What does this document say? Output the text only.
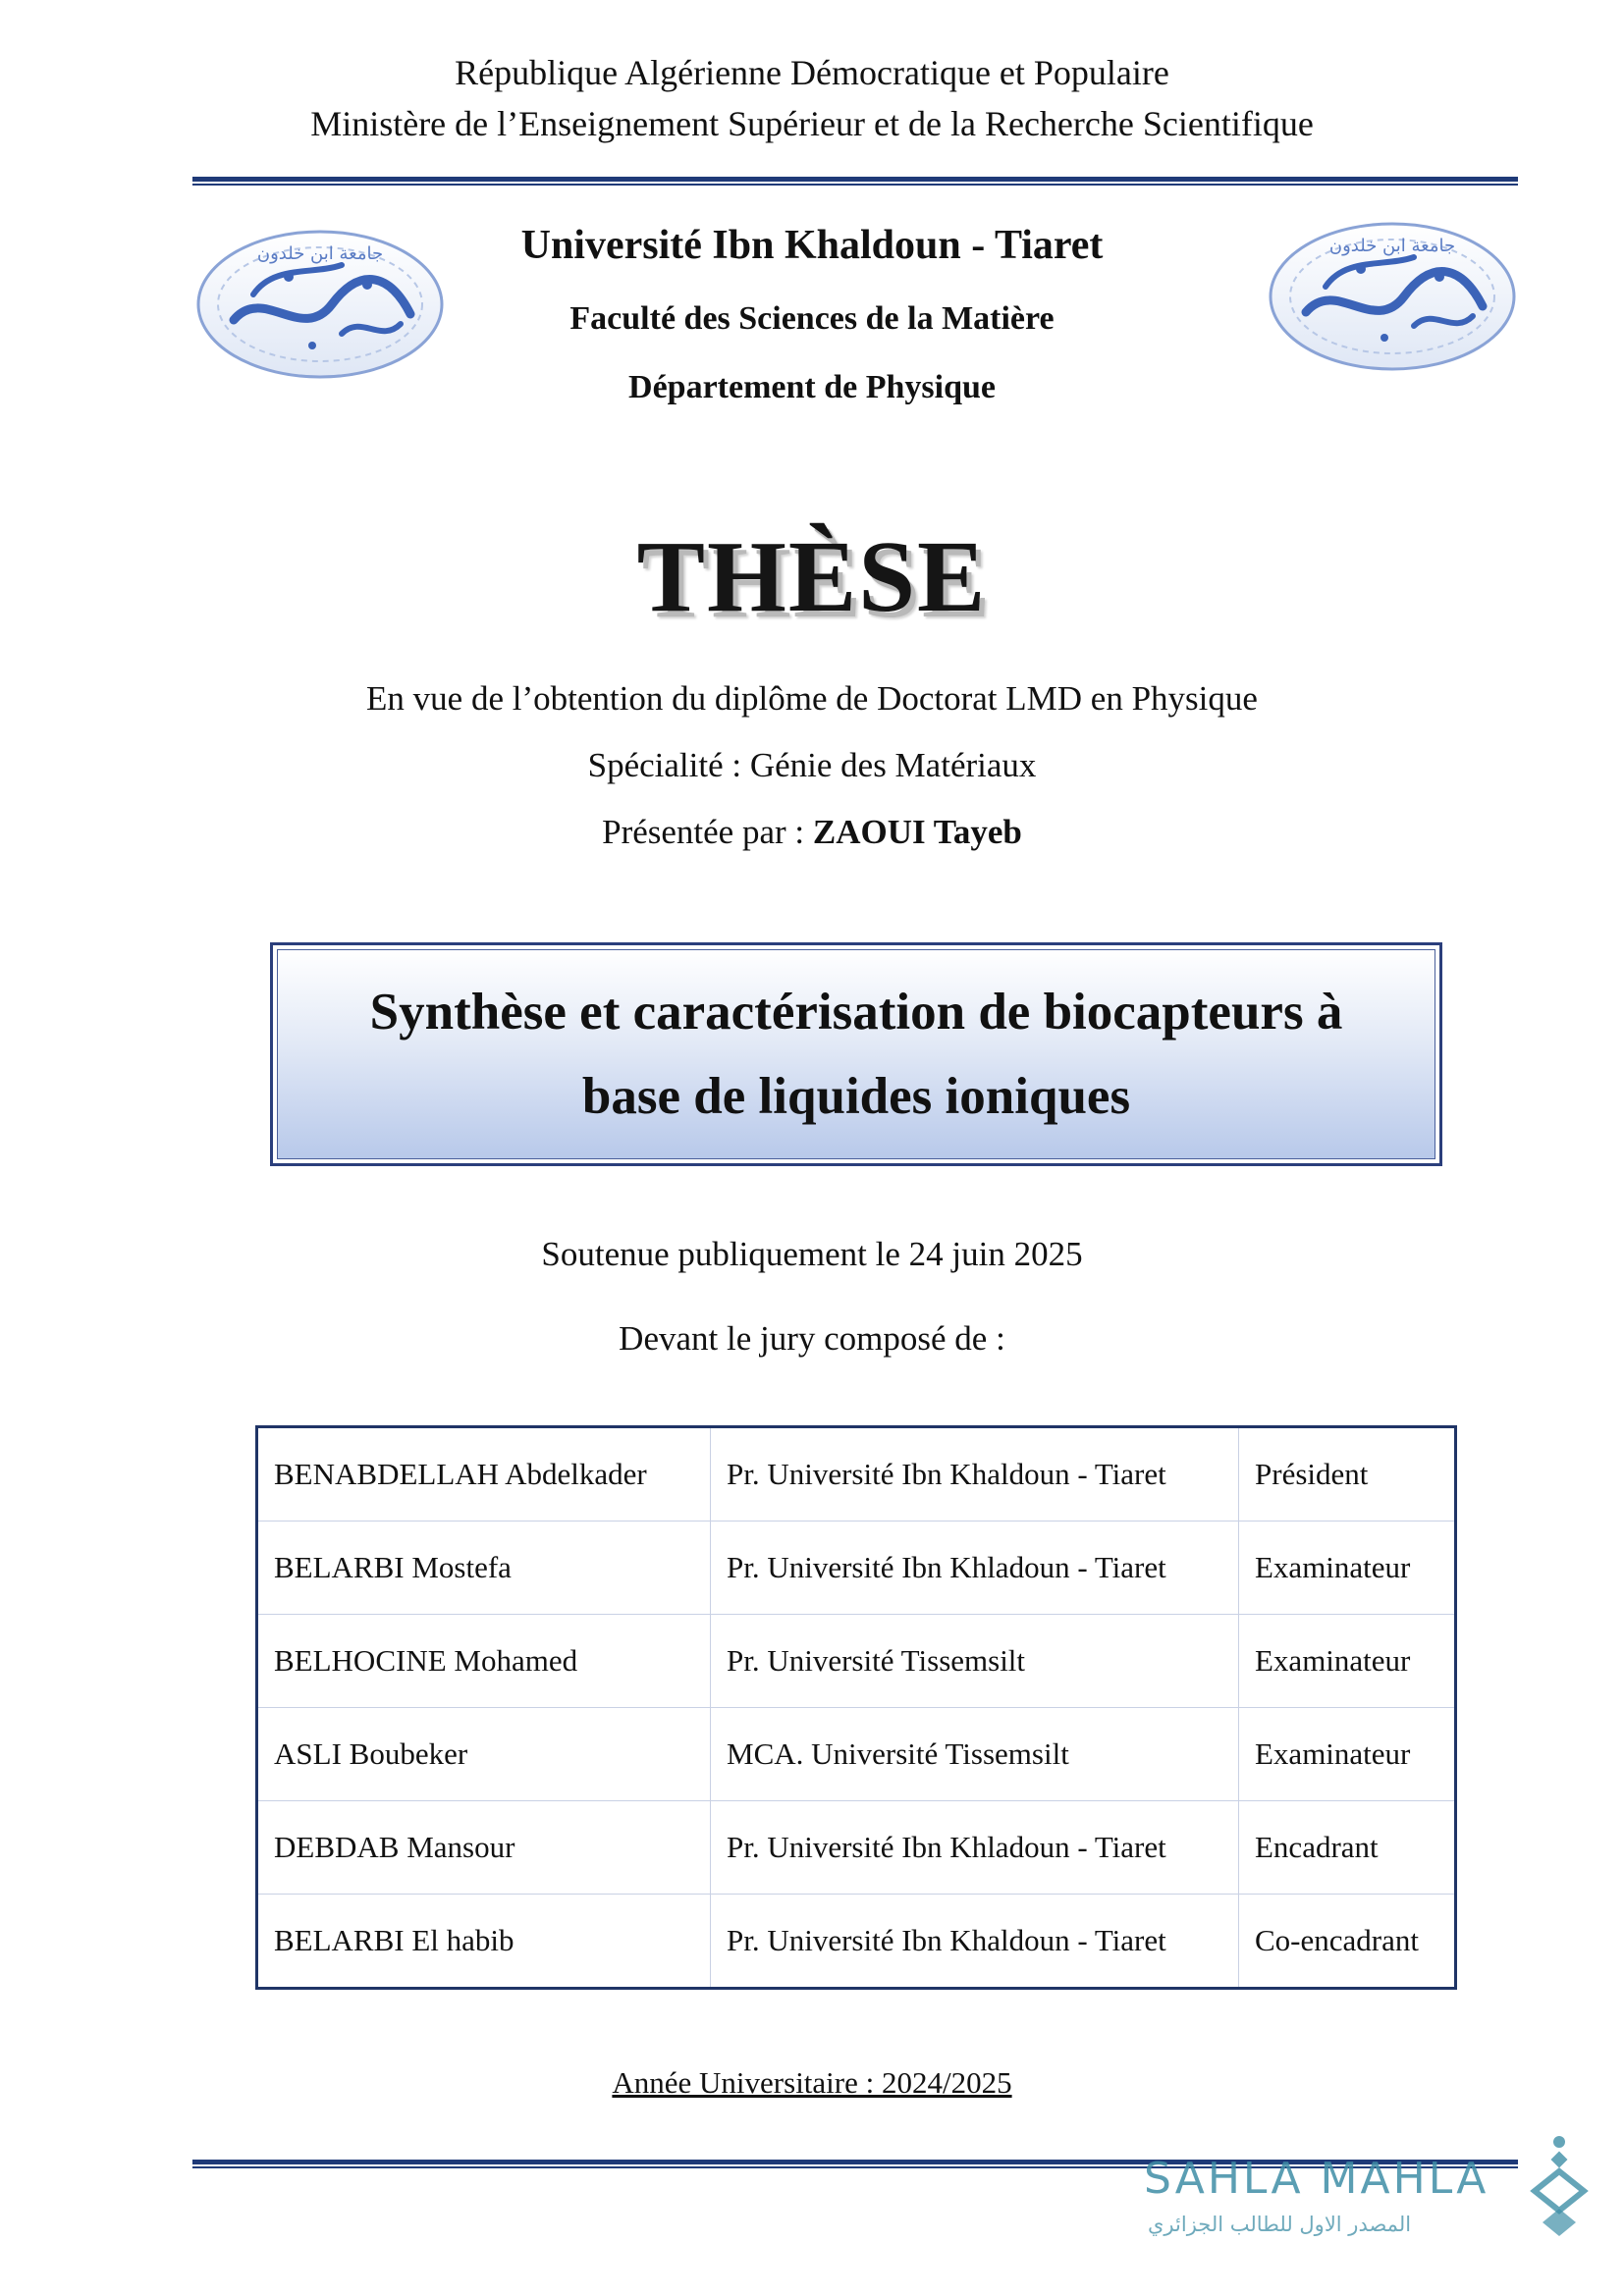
République Algérienne Démocratique et Populaire
Ministère de l’Enseignement Supérieur et de la Recherche Scientifique
جامعة ابن خلدون	جامعة ابن خلدون
Université Ibn Khaldoun - Tiaret
Faculté des Sciences de la Matière
Département de Physique
THÈSE
En vue de l’obtention du diplôme de Doctorat LMD en Physique
Spécialité : Génie des Matériaux
Présentée par : ZAOUI Tayeb
Synthèse et caractérisation de biocapteurs à
base de liquides ioniques
Soutenue publiquement le 24 juin 2025
Devant le jury composé de :
BENABDELLAH Abdelkader	Pr. Université Ibn Khaldoun - Tiaret	Président
BELARBI Mostefa	Pr. Université Ibn Khladoun - Tiaret	Examinateur
BELHOCINE Mohamed	Pr. Université Tissemsilt	Examinateur
ASLI Boubeker	MCA. Université Tissemsilt	Examinateur
DEBDAB Mansour	Pr. Université Ibn Khladoun - Tiaret	Encadrant
BELARBI El habib	Pr. Université Ibn Khaldoun - Tiaret	Co-encadrant
Année Universitaire : 2024/2025
SAHLA MAHLA
المصدر الاول للطالب الجزائري
